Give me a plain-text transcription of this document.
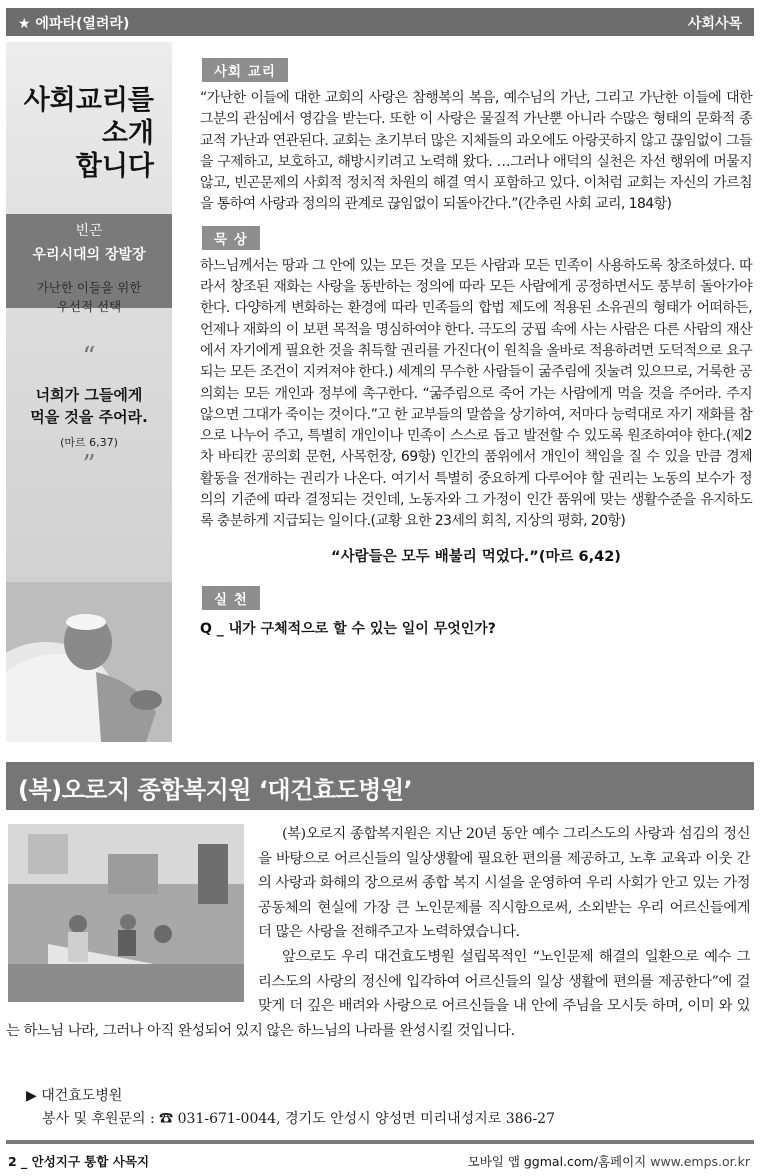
★ 에파타(열려라)	사회사목
사회교리를
소개
합니다
빈곤
우리시대의 장발장
가난한 이들을 위한
우선적 선택
“
너희가 그들에게
먹을 것을 주어라.
(마르 6,37)
”
사회 교리

“가난한 이들에 대한 교회의 사랑은 참행복의 복음, 예수님의 가난, 그리고 가난한 이들에 대한 그분의 관심에서 영감을 받는다. 또한 이 사랑은 물질적 가난뿐 아니라 수많은 형태의 문화적 종교적 가난과 연관된다. 교회는 초기부터 많은 지체들의 과오에도 아랑곳하지 않고 끊임없이 그들을 구제하고, 보호하고, 해방시키려고 노력해 왔다. …그러나 애덕의 실천은 자선 행위에 머물지 않고, 빈곤문제의 사회적 정치적 차원의 해결 역시 포함하고 있다. 이처럼 교회는 자신의 가르침을 통하여 사랑과 정의의 관계로 끊임없이 되돌아간다.”(간추린 사회 교리, 184항)

묵 상

하느님께서는 땅과 그 안에 있는 모든 것을 모든 사람과 모든 민족이 사용하도록 창조하셨다. 따라서 창조된 재화는 사랑을 동반하는 정의에 따라 모든 사람에게 공정하면서도 풍부히 돌아가야 한다. 다양하게 변화하는 환경에 따라 민족들의 합법 제도에 적용된 소유권의 형태가 어떠하든, 언제나 재화의 이 보편 목적을 명심하여야 한다. 극도의 궁핍 속에 사는 사람은 다른 사람의 재산에서 자기에게 필요한 것을 취득할 권리를 가진다(이 원칙을 올바로 적용하려면 도덕적으로 요구되는 모든 조건이 지켜져야 한다.) 세계의 무수한 사람들이 굶주림에 짓눌려 있으므로, 거룩한 공의회는 모든 개인과 정부에 촉구한다. “굶주림으로 죽어 가는 사람에게 먹을 것을 주어라. 주지 않으면 그대가 죽이는 것이다.”고 한 교부들의 말씀을 상기하여, 저마다 능력대로 자기 재화를 참으로 나누어 주고, 특별히 개인이나 민족이 스스로 돕고 발전할 수 있도록 원조하여야 한다.(제2차 바티칸 공의회 문헌, 사목헌장, 69항) 인간의 품위에서 개인이 책임을 질 수 있을 만큼 경제 활동을 전개하는 권리가 나온다. 여기서 특별히 중요하게 다루어야 할 권리는 노동의 보수가 정의의 기준에 따라 결정되는 것인데, 노동자와 그 가정이 인간 품위에 맞는 생활수준을 유지하도록 충분하게 지급되는 일이다.(교황 요한 23세의 회칙, 지상의 평화, 20항)

“사람들은 모두 배불리 먹었다.”(마르 6,42)
실 천
Q _ 내가 구체적으로 할 수 있는 일이 무엇인가?
(복)오로지 종합복지원 ‘대건효도병원’

(복)오로지 종합복지원은 지난 20년 동안 예수 그리스도의 사랑과 섬김의 정신을 바탕으로 어르신들의 일상생활에 필요한 편의를 제공하고, 노후 교육과 이웃 간의 사랑과 화해의 장으로써 종합 복지 시설을 운영하여 우리 사회가 안고 있는 가정 공동체의 현실에 가장 큰 노인문제를 직시함으로써, 소외받는 우리 어르신들에게 더 많은 사랑을 전해주고자 노력하였습니다.

앞으로도 우리 대건효도병원 설립목적인 “노인문제 해결의 일환으로 예수 그리스도의 사랑의 정신에 입각하여 어르신들의 일상 생활에 편의를 제공한다”에 걸맞게 더 깊은 배려와 사랑으로 어르신들을 내 안에 주님을 모시듯 하며, 이미 와 있는 하느님 나라, 그러나 아직 완성되어 있지 않은 하느님의 나라를 완성시킬 것입니다.

▶ 대건효도병원
봉사 및 후원문의 : ☎ 031-671-0044, 경기도 안성시 양성면 미리내성지로 386-27
2 _ 안성지구 통합 사목지	모바일 앱 ggmal.com/홈페이지 www.emps.or.kr
